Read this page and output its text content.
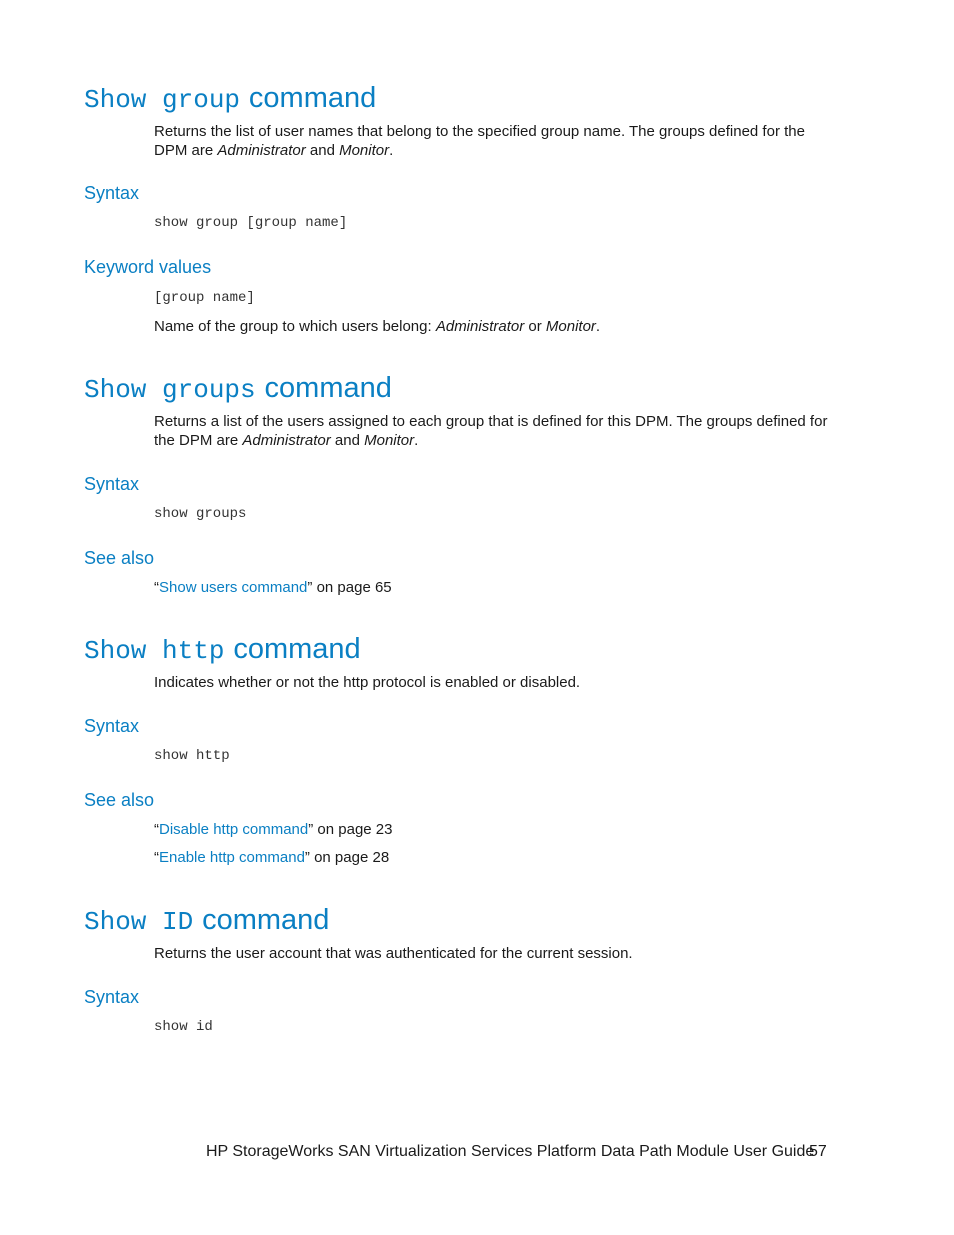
Show group command

Returns the list of user names that belong to the specified group name. The groups defined for the DPM are Administrator and Monitor.

Syntax
show group [group name]
Keyword values
[group name]

Name of the group to which users belong: Administrator or Monitor.

Show groups command

Returns a list of the users assigned to each group that is defined for this DPM. The groups defined for the DPM are Administrator and Monitor.

Syntax
show groups
See also

“Show users command” on page 65

Show http command

Indicates whether or not the http protocol is enabled or disabled.

Syntax
show http
See also

“Disable http command” on page 23

“Enable http command” on page 28

Show ID command

Returns the user account that was authenticated for the current session.

Syntax
show id
HP StorageWorks SAN Virtualization Services Platform Data Path Module User Guide
57
